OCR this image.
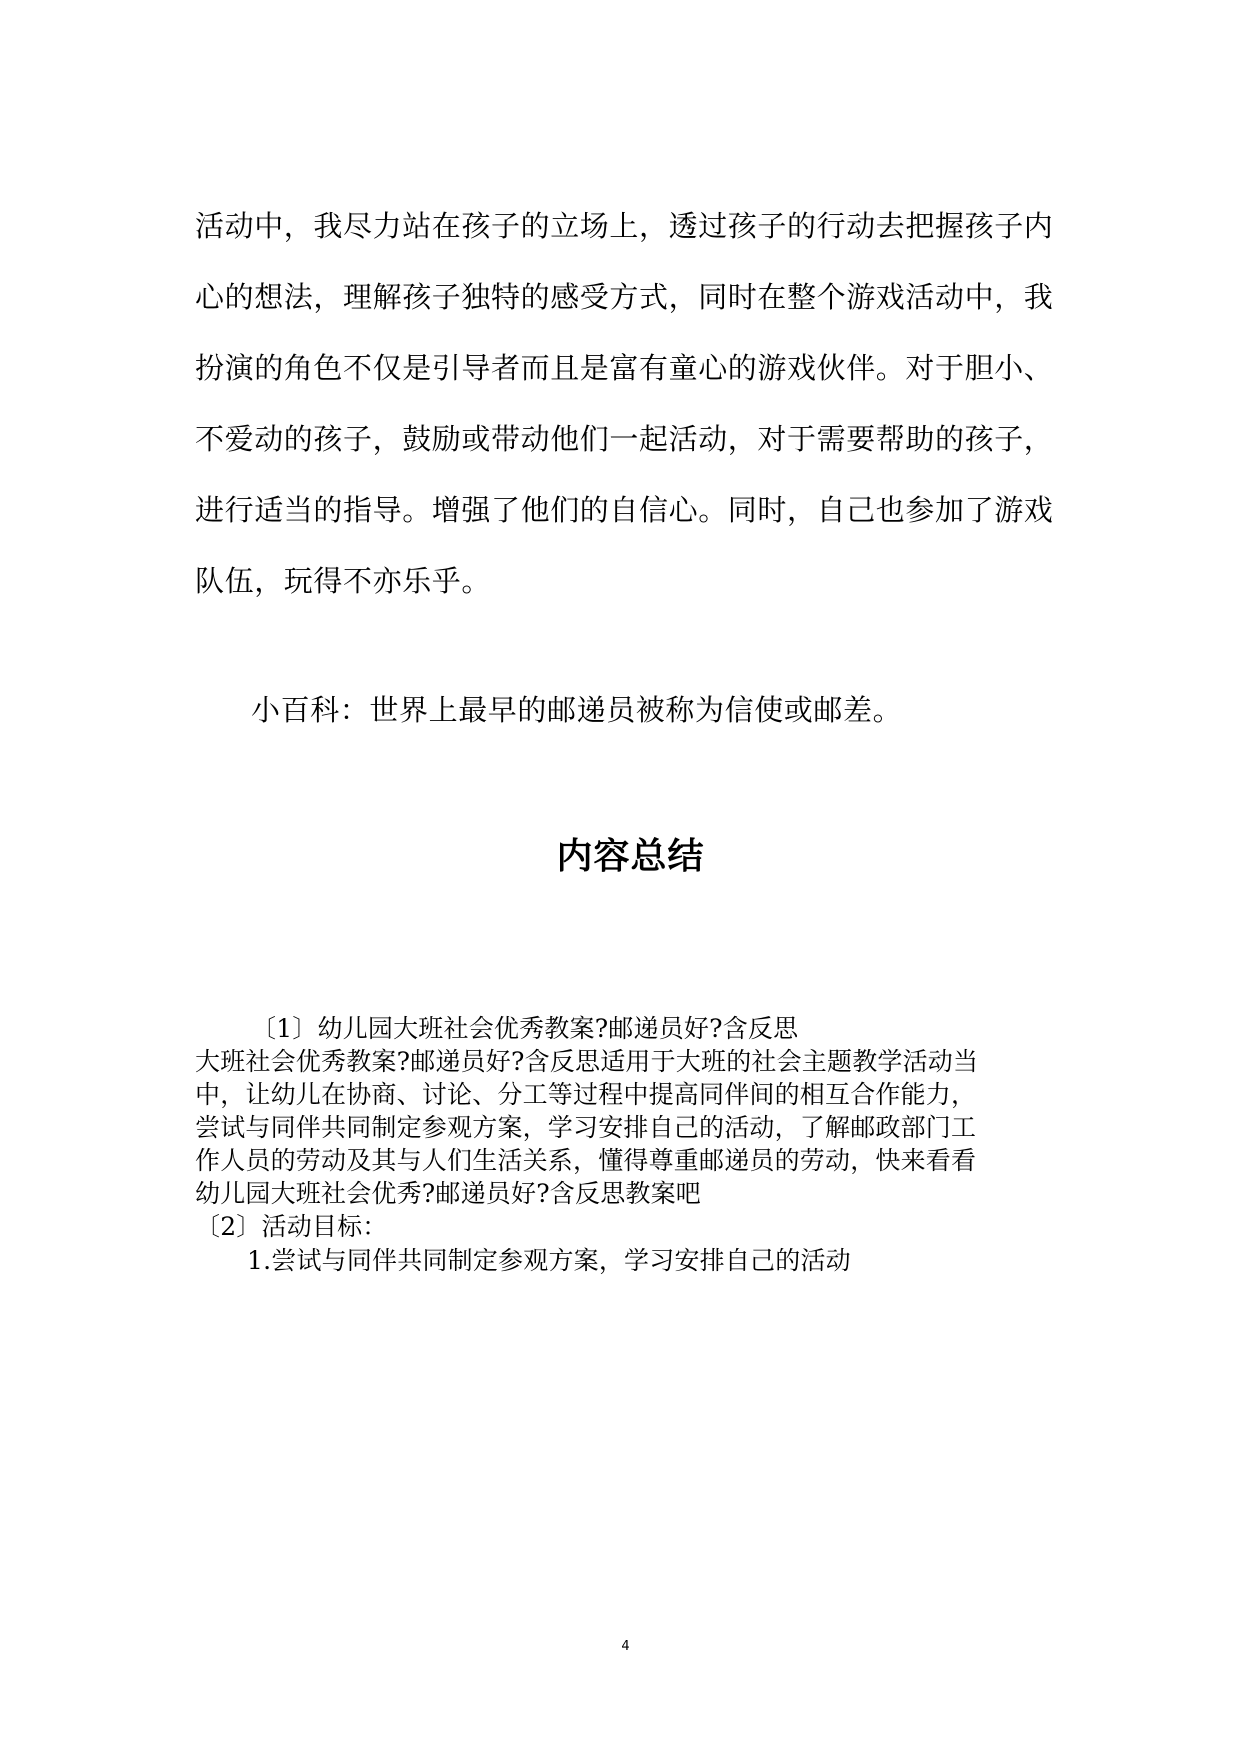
活动中，我尽力站在孩子的立场上，透过孩子的行动去把握孩子内
心的想法，理解孩子独特的感受方式，同时在整个游戏活动中，我
扮演的角色不仅是引导者而且是富有童心的游戏伙伴。对于胆小、
不爱动的孩子，鼓励或带动他们一起活动，对于需要帮助的孩子，
进行适当的指导。增强了他们的自信心。同时，自己也参加了游戏
队伍，玩得不亦乐乎。
小百科：世界上最早的邮递员被称为信使或邮差。
内容总结
〔1〕幼儿园大班社会优秀教案?邮递员好?含反思
大班社会优秀教案?邮递员好?含反思适用于大班的社会主题教学活动当
中，让幼儿在协商、讨论、分工等过程中提高同伴间的相互合作能力，
尝试与同伴共同制定参观方案，学习安排自己的活动，了解邮政部门工
作人员的劳动及其与人们生活关系，懂得尊重邮递员的劳动，快来看看
幼儿园大班社会优秀?邮递员好?含反思教案吧
〔2〕活动目标：
1.尝试与同伴共同制定参观方案，学习安排自己的活动
4
